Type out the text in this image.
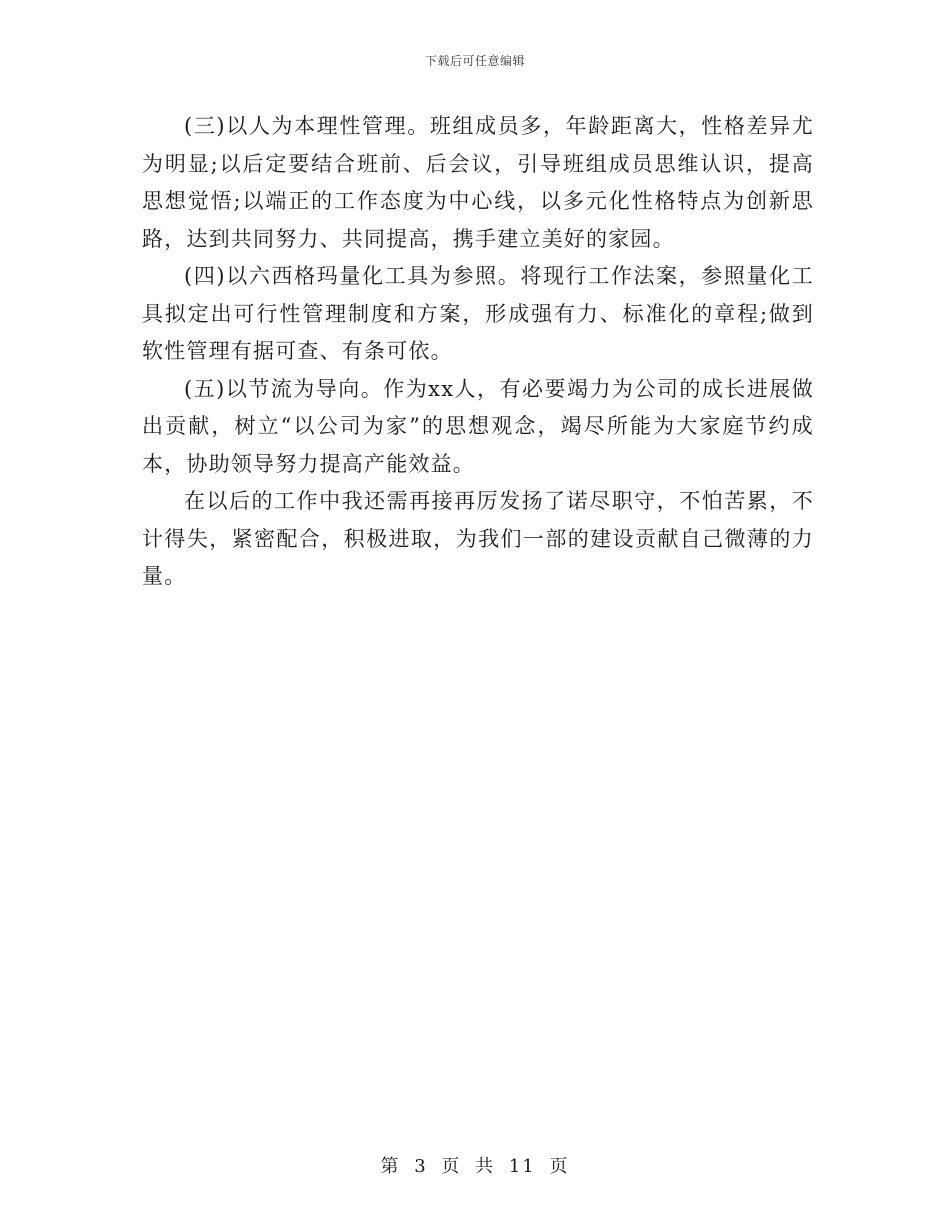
下载后可任意编辑

(三)以人为本理性管理。班组成员多，年龄距离大，性格差异尤为明显;以后定要结合班前、后会议，引导班组成员思维认识，提高思想觉悟;以端正的工作态度为中心线，以多元化性格特点为创新思路，达到共同努力、共同提高，携手建立美好的家园。

(四)以六西格玛量化工具为参照。将现行工作法案，参照量化工具拟定出可行性管理制度和方案，形成强有力、标准化的章程;做到软性管理有据可查、有条可依。

(五)以节流为导向。作为xx人，有必要竭力为公司的成长进展做出贡献，树立“以公司为家”的思想观念，竭尽所能为大家庭节约成本，协助领导努力提高产能效益。

在以后的工作中我还需再接再厉发扬了诺尽职守，不怕苦累，不计得失，紧密配合，积极进取，为我们一部的建设贡献自己微薄的力量。

第 3 页 共 11 页
